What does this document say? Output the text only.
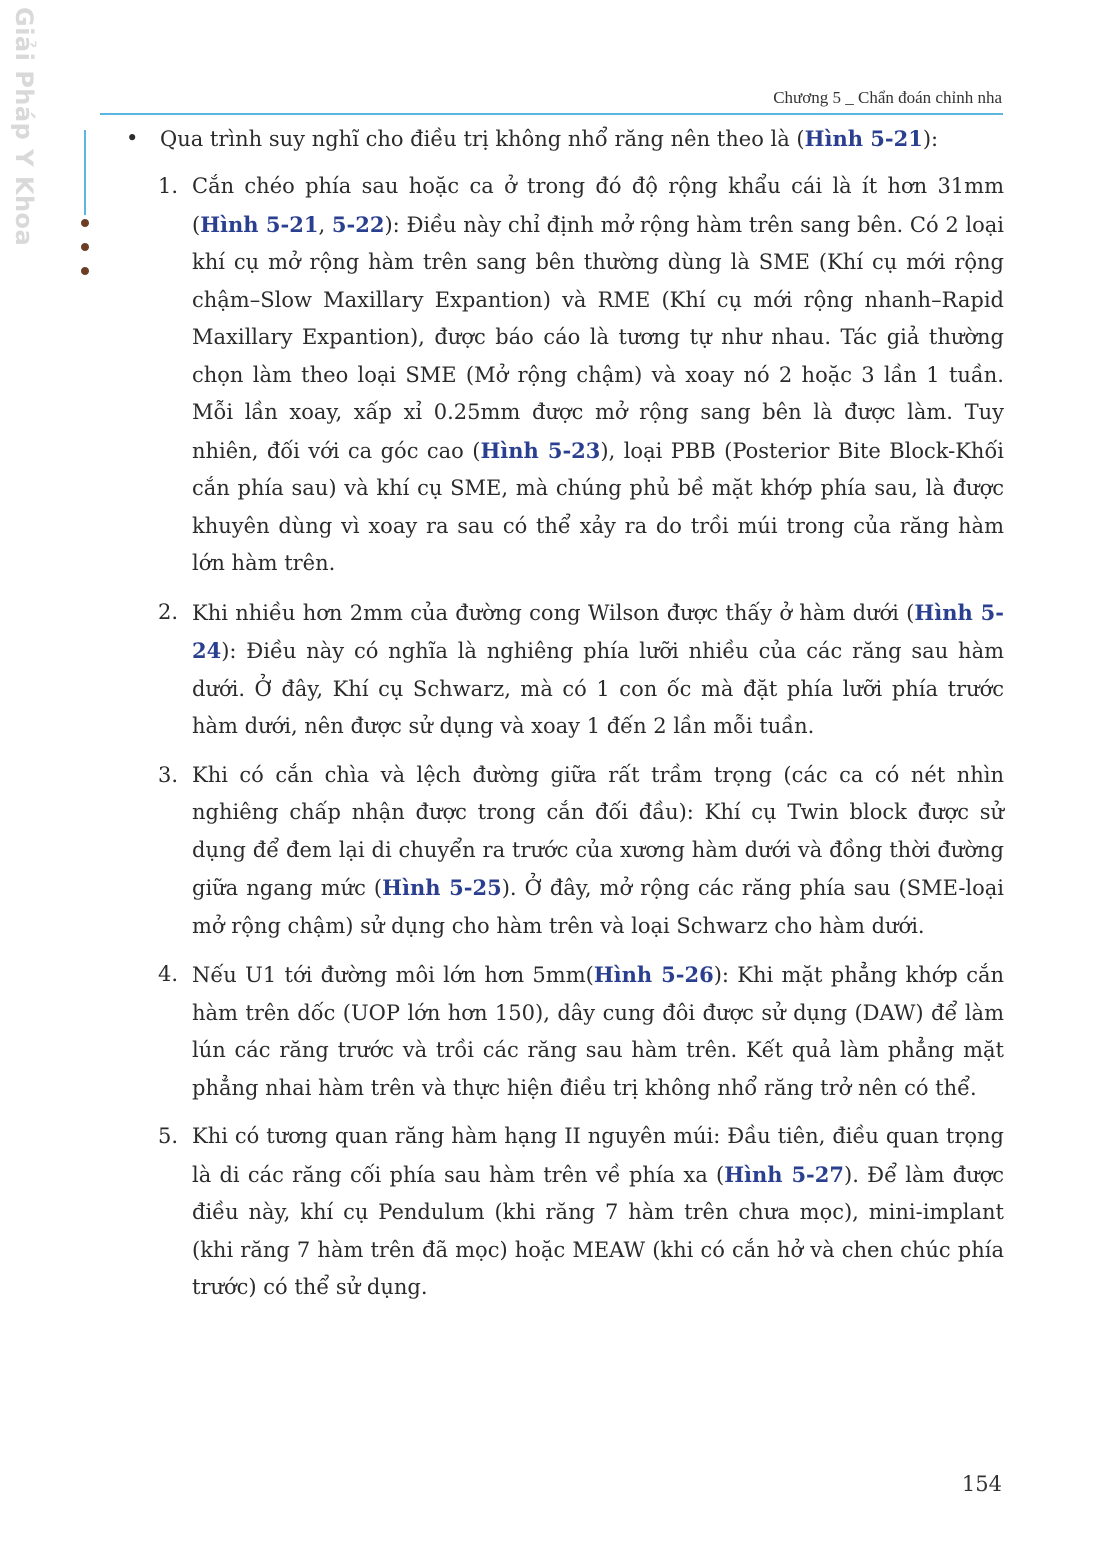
Giải Pháp Y Khoa	Chương 5 _ Chẩn đoán chỉnh nha
•	Qua trình suy nghĩ cho điều trị không nhổ răng nên theo là (Hình 5-21):
1. Cắn chéo phía sau hoặc ca ở trong đó độ rộng khẩu cái là ít hơn 31mm (Hình 5-21, 5-22): Điều này chỉ định mở rộng hàm trên sang bên. Có 2 loại khí cụ mở rộng hàm trên sang bên thường dùng là SME (Khí cụ mới rộng chậm–Slow Maxillary Expantion) và RME (Khí cụ mới rộng nhanh–Rapid Maxillary Expantion), được báo cáo là tương tự như nhau. Tác giả thường chọn làm theo loại SME (Mở rộng chậm) và xoay nó 2 hoặc 3 lần 1 tuần. Mỗi lần xoay, xấp xỉ 0.25mm được mở rộng sang bên là được làm. Tuy nhiên, đối với ca góc cao (Hình 5-23), loại PBB (Posterior Bite Block-Khối cắn phía sau) và khí cụ SME, mà chúng phủ bề mặt khớp phía sau, là được khuyên dùng vì xoay ra sau có thể xảy ra do trồi múi trong của răng hàm lớn hàm trên.
2. Khi nhiều hơn 2mm của đường cong Wilson được thấy ở hàm dưới (Hình 5-24): Điều này có nghĩa là nghiêng phía lưỡi nhiều của các răng sau hàm dưới. Ở đây, Khí cụ Schwarz, mà có 1 con ốc mà đặt phía lưỡi phía trước hàm dưới, nên được sử dụng và xoay 1 đến 2 lần mỗi tuần.
3. Khi có cắn chìa và lệch đường giữa rất trầm trọng (các ca có nét nhìn nghiêng chấp nhận được trong cắn đối đầu): Khí cụ Twin block được sử dụng để đem lại di chuyển ra trước của xương hàm dưới và đồng thời đường giữa ngang mức (Hình 5-25). Ở đây, mở rộng các răng phía sau (SME-loại mở rộng chậm) sử dụng cho hàm trên và loại Schwarz cho hàm dưới.
4. Nếu U1 tới đường môi lớn hơn 5mm(Hình 5-26): Khi mặt phẳng khớp cắn hàm trên dốc (UOP lớn hơn 150), dây cung đôi được sử dụng (DAW) để làm lún các răng trước và trồi các răng sau hàm trên. Kết quả làm phẳng mặt phẳng nhai hàm trên và thực hiện điều trị không nhổ răng trở nên có thể.
5. Khi có tương quan răng hàm hạng II nguyên múi: Đầu tiên, điều quan trọng là di các răng cối phía sau hàm trên về phía xa (Hình 5-27). Để làm được điều này, khí cụ Pendulum (khi răng 7 hàm trên chưa mọc), mini-implant (khi răng 7 hàm trên đã mọc) hoặc MEAW (khi có cắn hở và chen chúc phía trước) có thể sử dụng.
154
